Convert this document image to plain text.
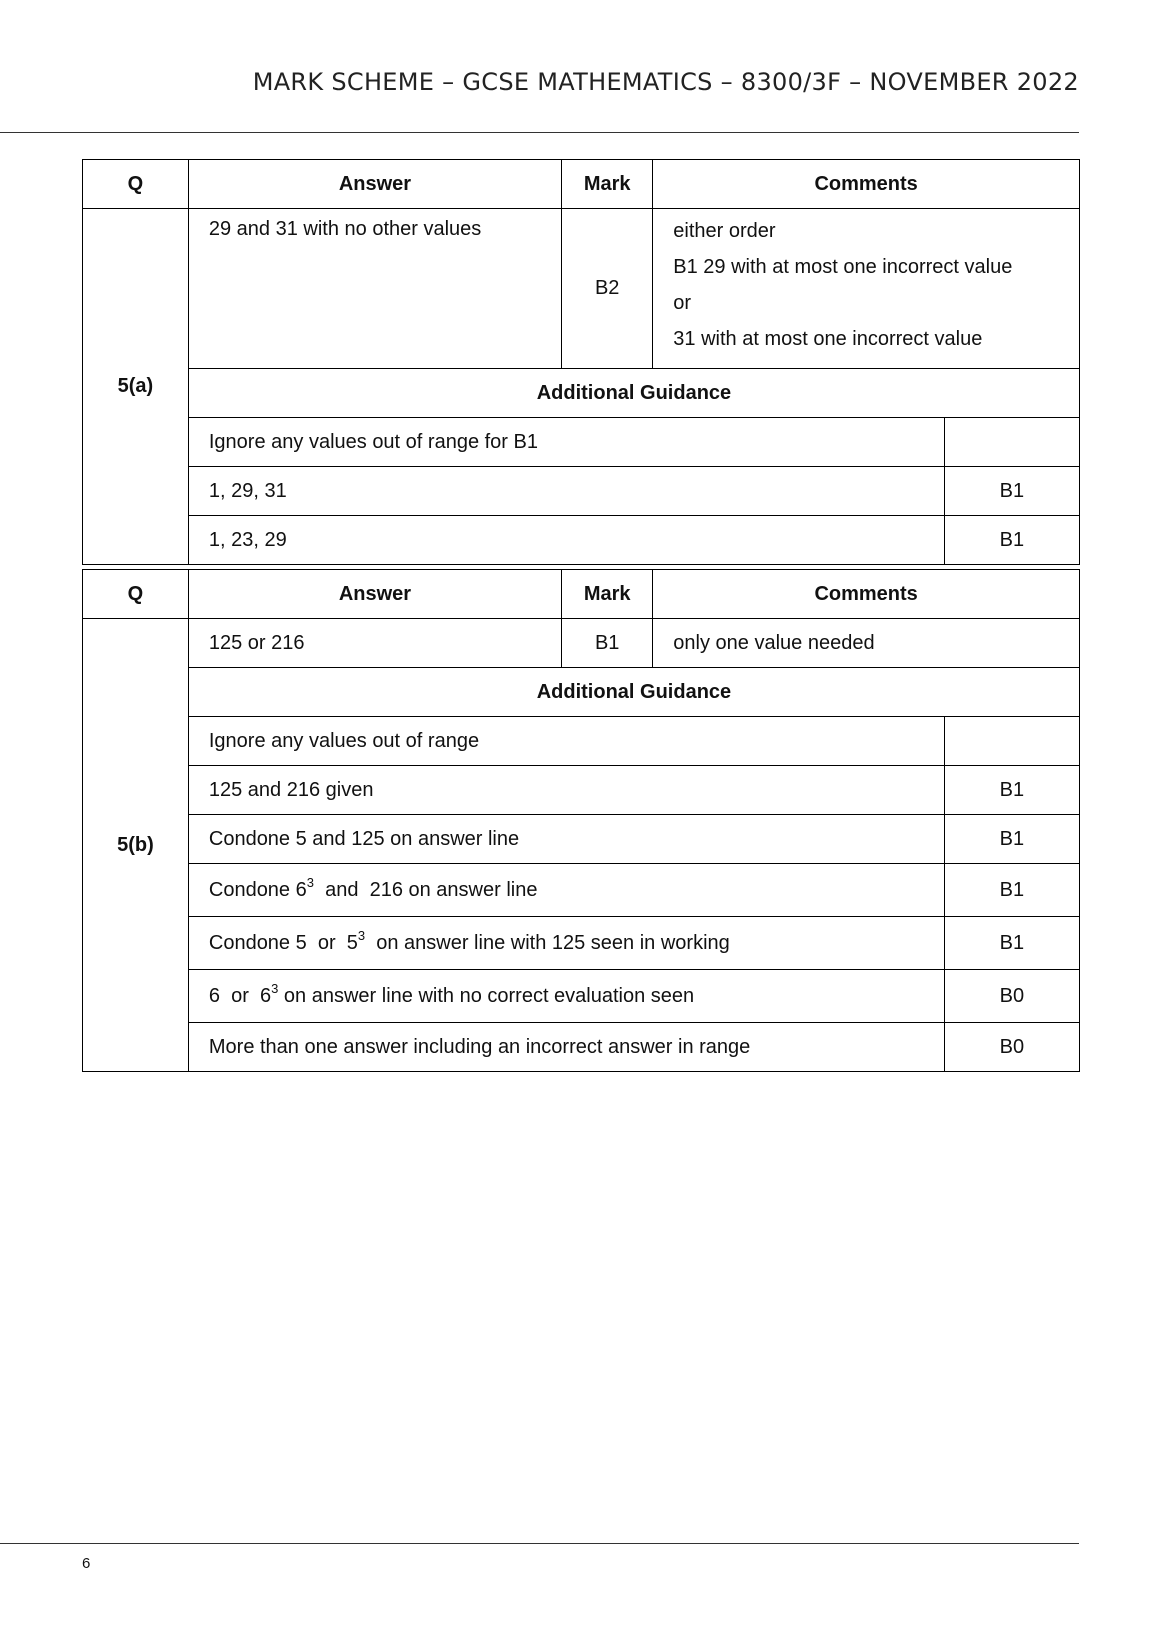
MARK SCHEME – GCSE MATHEMATICS – 8300/3F – NOVEMBER 2022
Q	Answer	Mark	Comments	
5(a)	29 and 31 with no other values	B2	either order
B1 29 with at most one incorrect value
or
31 with at most one incorrect value	

	Additional Guidance			
	Ignore any values out of range for B1			
	1, 29, 31			B1
	1, 23, 29			B1
Q	Answer	Mark	Comments	
5(b)	125 or 216	B1	only one value needed	
	Additional Guidance			
	Ignore any values out of range			
	125 and 216 given			B1
	Condone 5 and 125 on answer line			B1
	Condone $6^3$  and  216 on answer line			B1
	Condone 5  or  $5^3$  on answer line with 125 seen in working			B1
	6  or  $6^3$ on answer line with no correct evaluation seen			B0
	More than one answer including an incorrect answer in range			B0
6
